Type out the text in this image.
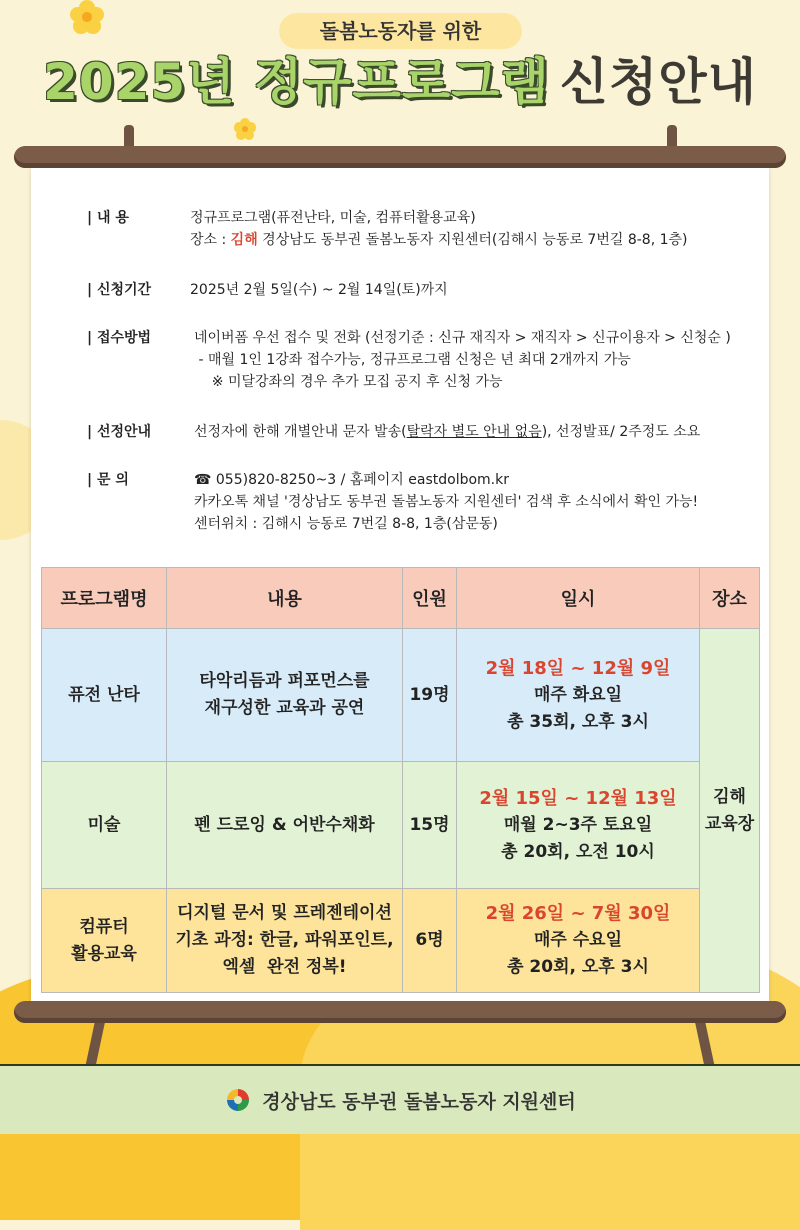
돌봄노동자를 위한
2025년 정규프로그램 신청안내
| 내 용	정규프로그램(퓨전난타, 미술, 컴퓨터활용교육)
장소 : 김해 경상남도 동부권 돌봄노동자 지원센터(김해시 능동로 7번길 8-8, 1층)
| 신청기간	2025년 2월 5일(수) ~ 2월 14일(토)까지
| 접수방법	네이버폼 우선 접수 및 전화 (선정기준 : 신규 재직자 > 재직자 > 신규이용자 > 신청순 )
- 매월 1인 1강좌 접수가능, 정규프로그램 신청은 년 최대 2개까지 가능
※ 미달강좌의 경우 추가 모집 공지 후 신청 가능
| 선정안내	선정자에 한해 개별안내 문자 발송(탈락자 별도 안내 없음), 선정발표/ 2주정도 소요
| 문 의	☎ 055)820-8250~3 / 홈페이지 eastdolbom.kr
카카오톡 채널 '경상남도 동부권 돌봄노동자 지원센터' 검색 후 소식에서 확인 가능!
센터위치 : 김해시 능동로 7번길 8-8, 1층(삼문동)
프로그램명	내용	인원	일시	장소

퓨전 난타	타악리듬과 퍼포먼스를
재구성한 교육과 공연	19명	2월 18일 ~ 12월 9일
매주 화요일
총 35회, 오후 3시	김해
교육장

미술	펜 드로잉 & 어반수채화	15명	2월 15일 ~ 12월 13일
매월 2~3주 토요일
총 20회, 오전 10시	

컴퓨터
활용교육	디지털 문서 및 프레젠테이션
기초 과정: 한글, 파워포인트,
엑셀  완전 정복!	6명	2월 26일 ~ 7월 30일
매주 수요일
총 20회, 오후 3시	
경상남도 동부권 돌봄노동자 지원센터
